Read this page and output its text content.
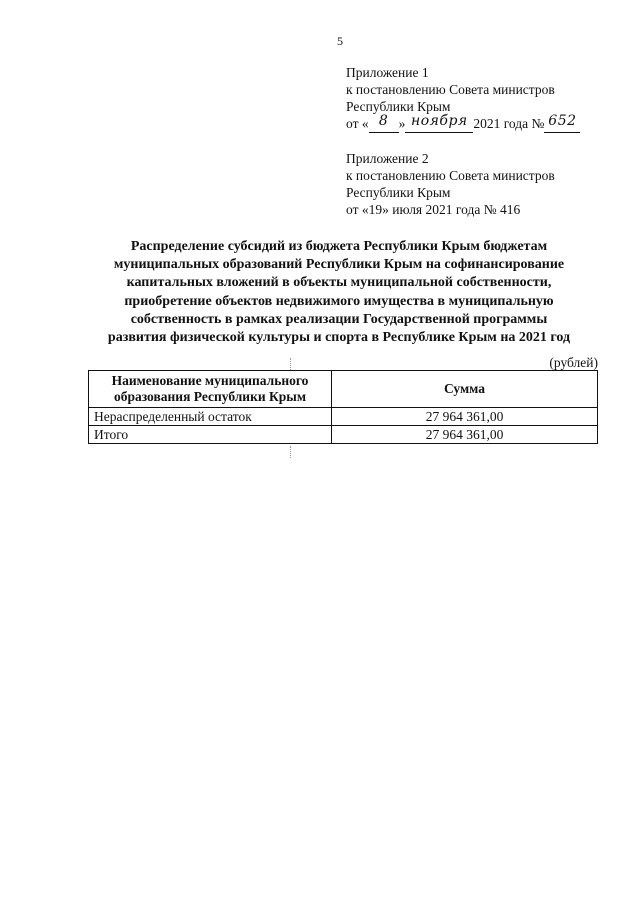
5
Приложение 1
к постановлению Совета министров
Республики Крым
от « 8 » ноября 2021 года № 652
Приложение 2
к постановлению Совета министров
Республики Крым
от «19» июля 2021 года № 416
Распределение субсидий из бюджета Республики Крым бюджетам
муниципальных образований Республики Крым на софинансирование
капитальных вложений в объекты муниципальной собственности,
приобретение объектов недвижимого имущества в муниципальную
собственность в рамках реализации Государственной программы
развития физической культуры и спорта в Республике Крым на 2021 год
(рублей)
Наименование муниципального
образования Республики Крым	Сумма
Нераспределенный остаток	27 964 361,00
Итого	27 964 361,00
